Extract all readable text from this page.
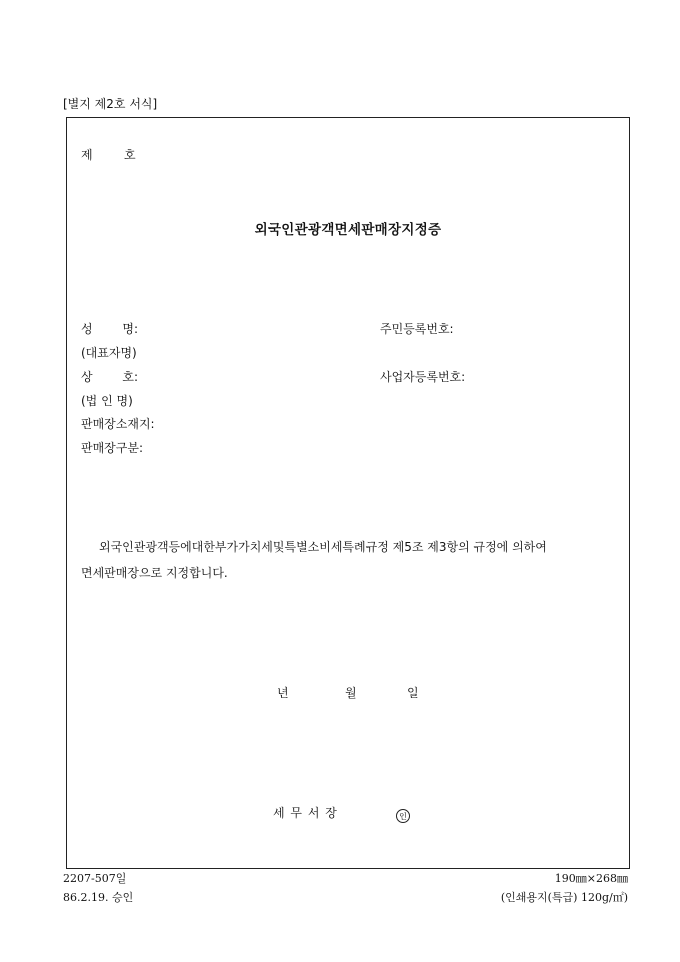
[별지 제2호 서식]
제	호
외국인관광객면세판매장지정증
성 명:	주민등록번호:
(대표자명)
상 호:	사업자등록번호:
(법 인 명)
판매장소재지:
판매장구분:
외국인관광객등에대한부가가치세및특별소비세특례규정 제5조 제3항의 규정에 의하여
면세판매장으로 지정합니다.
년	월	일
세 무 서 장	인
2207-507일
86.2.19. 승인
190㎜×268㎜
(인쇄용지(특급) 120g/㎡)
